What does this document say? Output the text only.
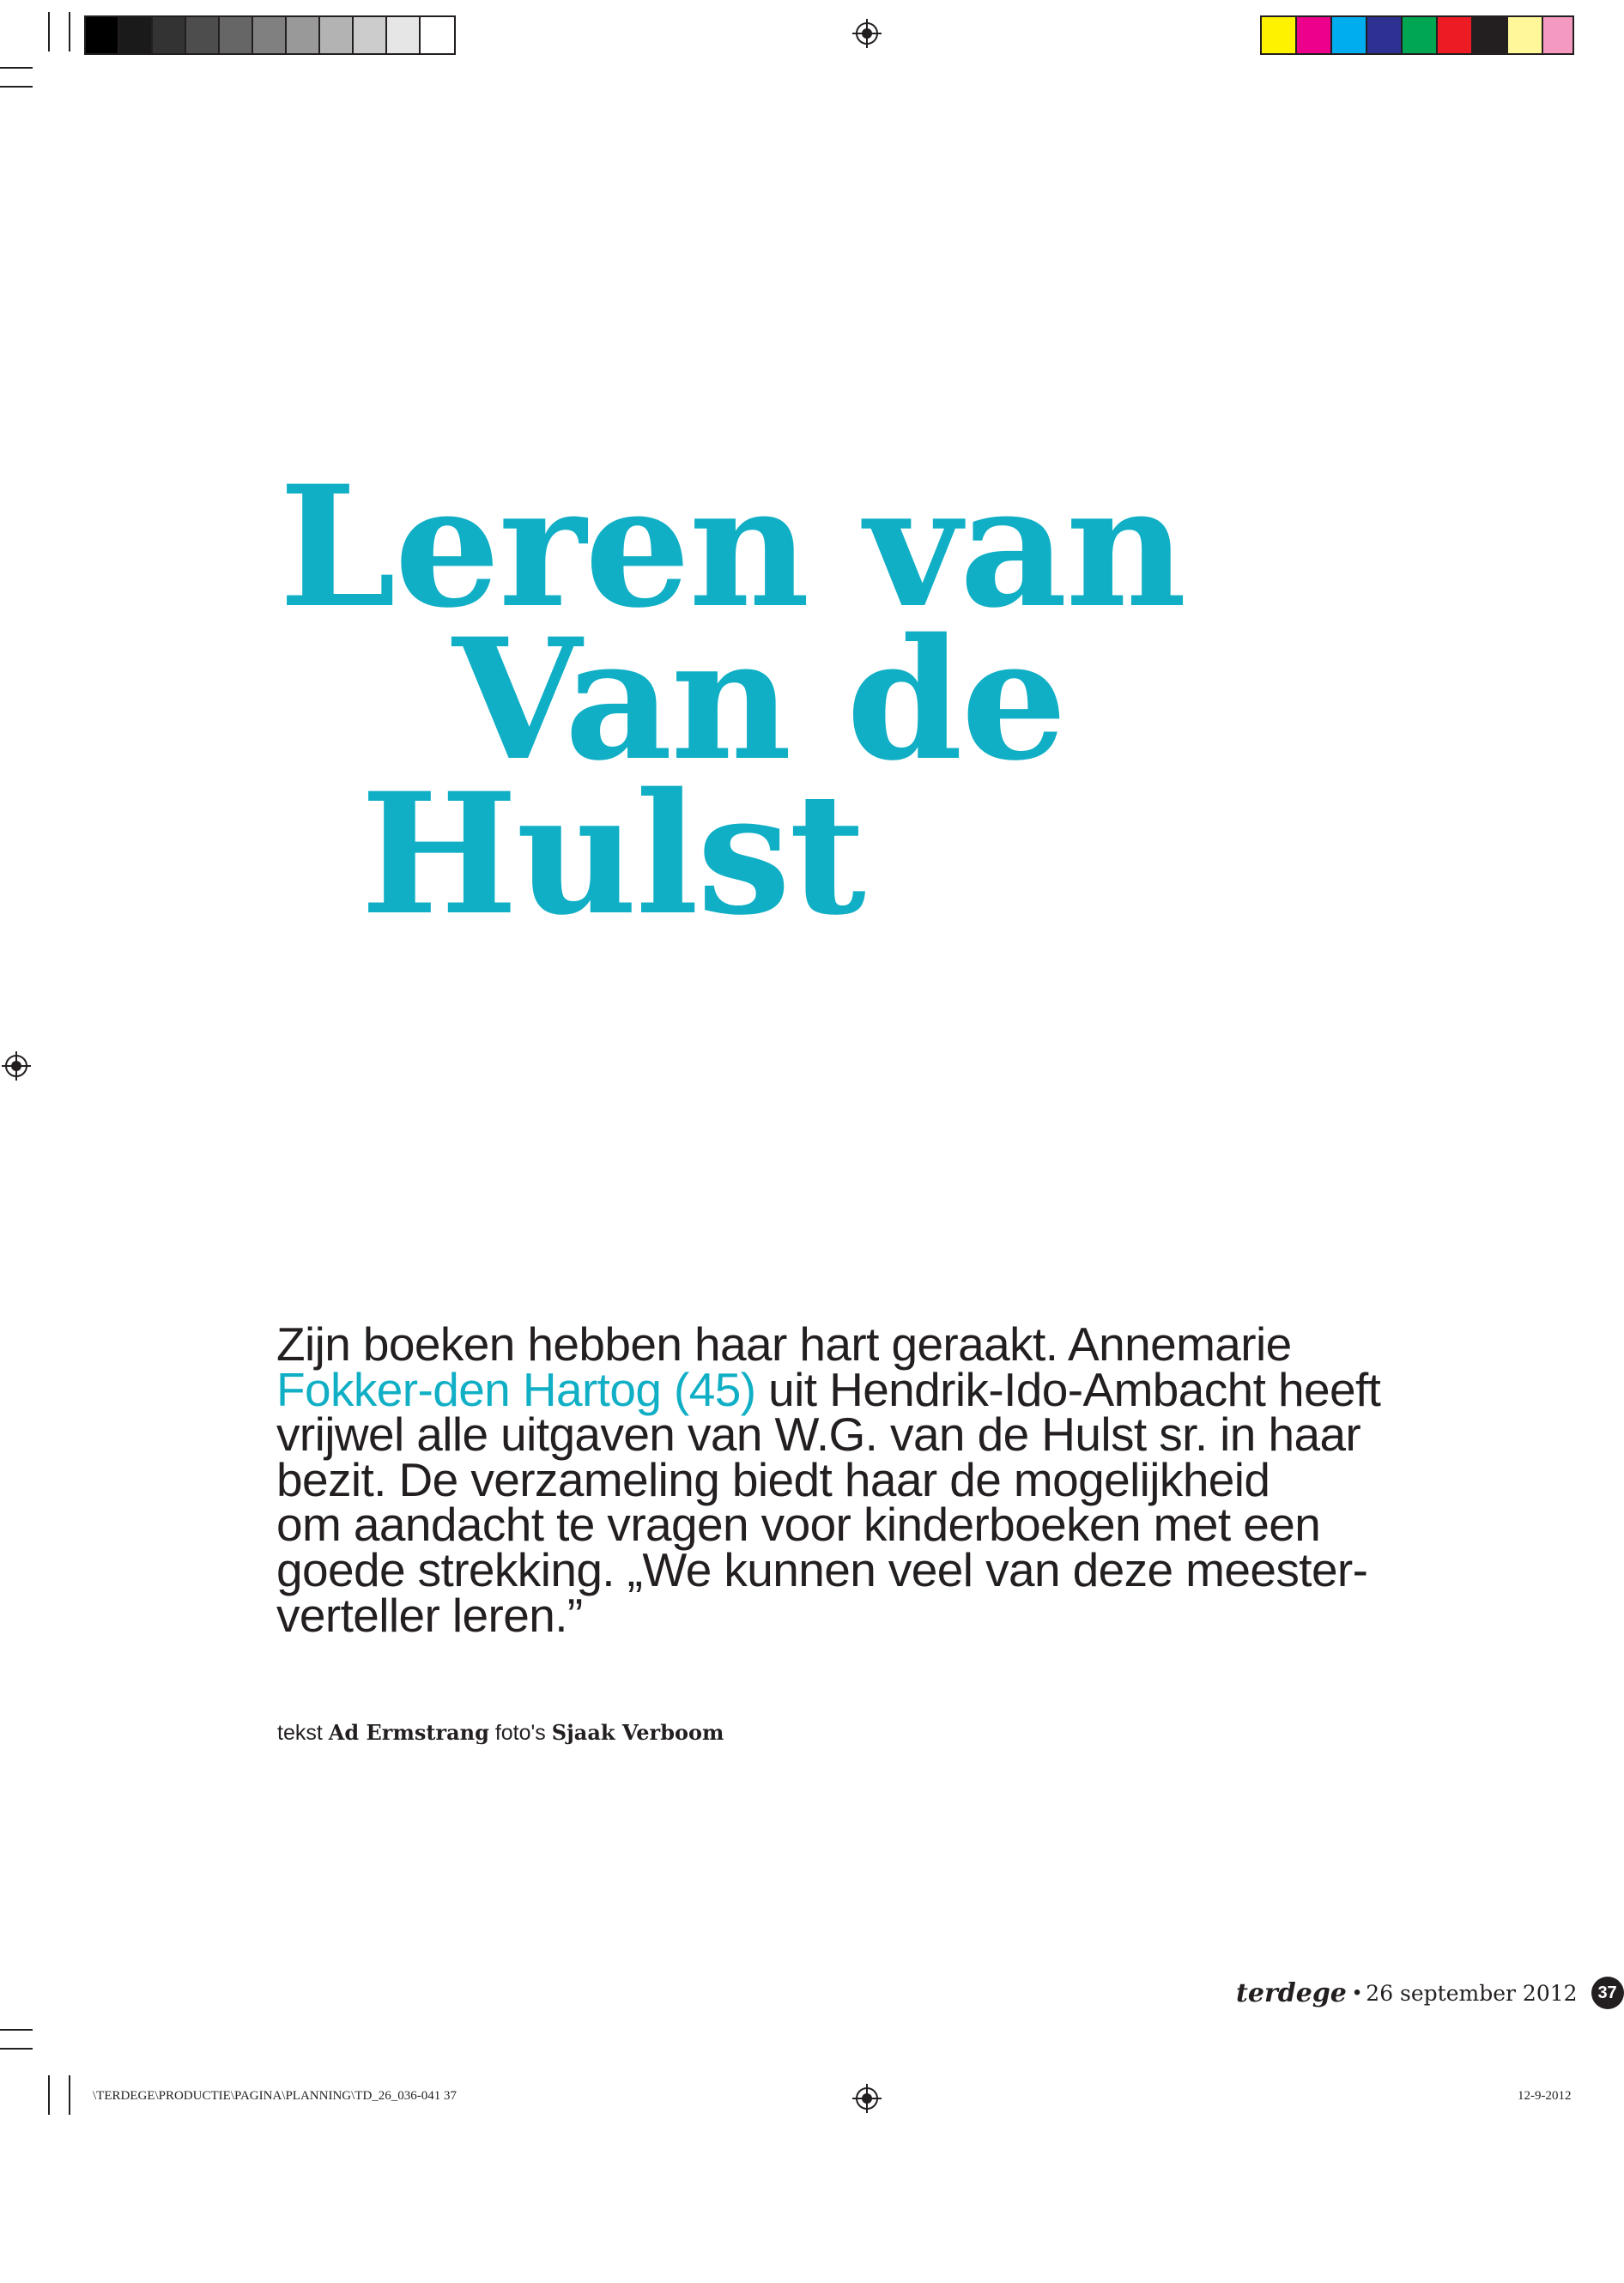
Leren van
Van de
Hulst
Zijn boeken hebben haar hart geraakt. Annemarie
Fokker-den Hartog (45) uit Hendrik-Ido-Ambacht heeft
vrijwel alle uitgaven van W.G. van de Hulst sr. in haar
bezit. De verzameling biedt haar de mogelijkheid
om aandacht te vragen voor kinderboeken met een
goede strekking. „We kunnen veel van deze meester-
verteller leren.”
tekst Ad Ermstrang foto's Sjaak Verboom
terdege • 26 september 2012	37
\TERDEGE\PRODUCTIE\PAGINA\PLANNING\TD_26_036-041 37	12-9-2012
